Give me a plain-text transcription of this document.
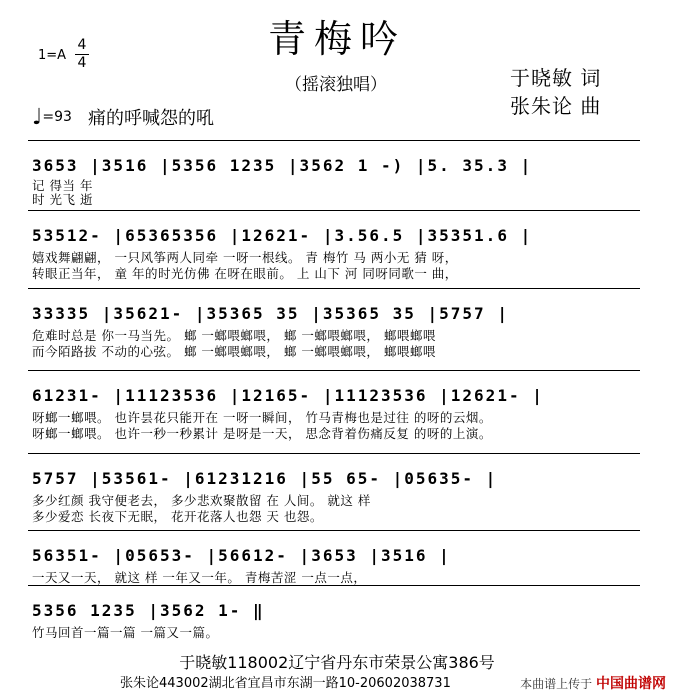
青梅吟
（摇滚独唱）	于晓敏 词
张朱论 曲
1=A
4
4
♩=93 痛的呼喊怨的吼
3653 |3516 |5356 1235 |3562 1 -) |5. 35.3 |
记 得当 年
时 光飞 逝
53512- |65365356 |12621- |3.56.5 |35351.6 |
嬉戏舞翩翩， 一只风筝两人同牵 一呀一根线。 青 梅竹 马 两小无 猜 呀，
转眼正当年， 童 年的时光仿佛 在呀在眼前。 上 山下 河 同呀同歌一 曲，
33335 |35621- |35365 35 |35365 35 |5757 |
危难时总是 你一马当先。 螂 一螂喂螂喂， 螂 一螂喂螂喂， 螂喂螂喂
而今陌路拔 不动的心弦。 螂 一螂喂螂喂， 螂 一螂喂螂喂， 螂喂螂喂
61231- |11123536 |12165- |11123536 |12621- |
呀螂一螂喂。 也许昙花只能开在 一呀一瞬间， 竹马青梅也是过往 的呀的云烟。
呀螂一螂喂。 也许一秒一秒累计 是呀是一天， 思念背着伤痛反复 的呀的上演。
5757 |53561- |61231216 |55 65- |05635- |
多少红颜 我守便老去， 多少悲欢聚散留 在 人间。 就这 样
多少爱恋 长夜下无眠， 花开花落人也怨 天 也怨。
56351- |05653- |56612- |3653 |3516 |
一天又一天， 就这 样 一年又一年。 青梅苦涩 一点一点，
5356 1235 |3562 1- ‖
竹马回首一篇一篇 一篇又一篇。
于晓敏118002辽宁省丹东市荣景公寓386号
张朱论443002湖北省宜昌市东湖一路10-20602038731	本曲谱上传于 中国曲谱网
